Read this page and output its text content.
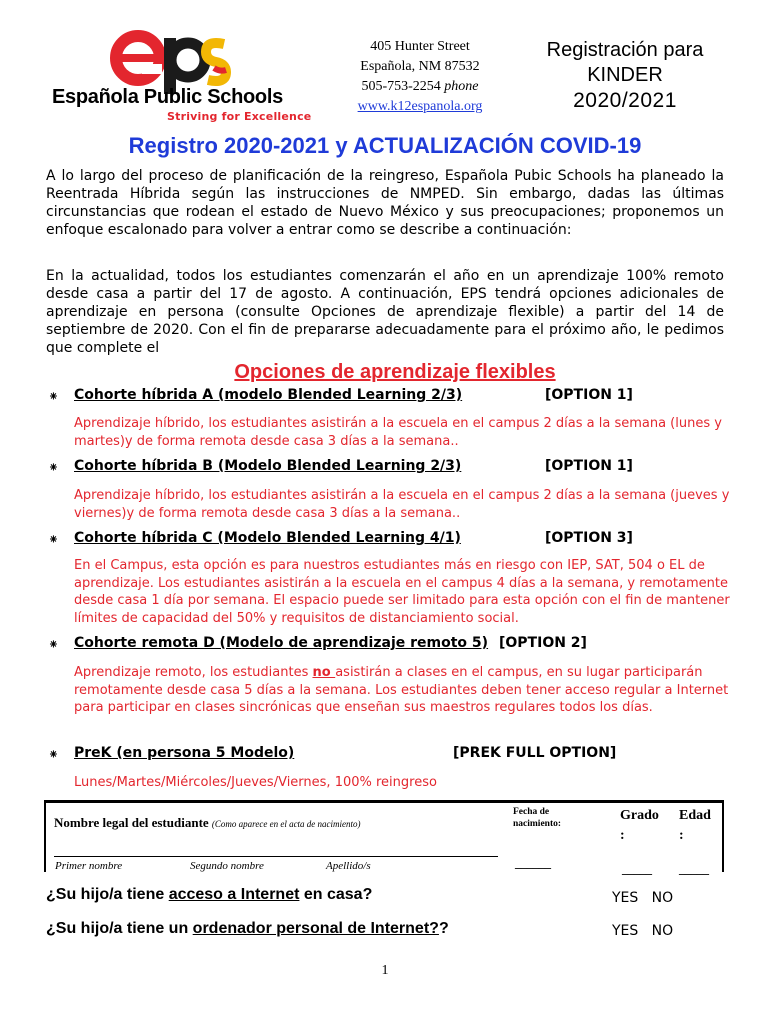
Española Public Schools
Striving for Excellence
405 Hunter Street
Española, NM 87532
505-753-2254 phone
www.k12espanola.org
Registración para
KINDER
2020/2021
Registro 2020-2021 y ACTUALIZACIÓN COVID-19
A lo largo del proceso de planificación de la reingreso, Española Pubic Schools ha planeado la Reentrada Híbrida según las instrucciones de NMPED. Sin embargo, dadas las últimas circunstancias que rodean el estado de Nuevo México y sus preocupaciones; proponemos un enfoque escalonado para volver a entrar como se describe a continuación:
En la actualidad, todos los estudiantes comenzarán el año en un aprendizaje 100% remoto desde casa a partir del 17 de agosto. A continuación, EPS tendrá opciones adicionales de aprendizaje en persona (consulte Opciones de aprendizaje flexible) a partir del 14 de septiembre de 2020. Con el fin de prepararse adecuadamente para el próximo año, le pedimos que complete el
Opciones de aprendizaje flexibles
⁕ Cohorte híbrida A (modelo Blended Learning 2/3)	[OPTION 1]
Aprendizaje híbrido, los estudiantes asistirán a la escuela en el campus 2 días a la semana (lunes y martes)y de forma remota desde casa 3 días a la semana..
⁕ Cohorte híbrida B (Modelo Blended Learning 2/3)	[OPTION 1]
Aprendizaje híbrido, los estudiantes asistirán a la escuela en el campus 2 días a la semana (jueves y viernes)y de forma remota desde casa 3 días a la semana..
⁕ Cohorte híbrida C (Modelo Blended Learning 4/1)	[OPTION 3]
En el Campus, esta opción es para nuestros estudiantes más en riesgo con IEP, SAT, 504 o EL de aprendizaje. Los estudiantes asistirán a la escuela en el campus 4 días a la semana, y remotamente desde casa 1 día por semana. El espacio puede ser limitado para esta opción con el fin de mantener límites de capacidad del 50% y requisitos de distanciamiento social.
⁕ Cohorte remota D (Modelo de aprendizaje remoto 5) [OPTION 2]
Aprendizaje remoto, los estudiantes no asistirán a clases en el campus, en su lugar participarán remotamente desde casa 5 días a la semana. Los estudiantes deben tener acceso regular a Internet para participar en clases sincrónicas que enseñan sus maestros regulares todos los días.
⁕ PreK (en persona 5 Modelo)	[PREK FULL OPTION]
Lunes/Martes/Miércoles/Jueves/Viernes, 100% reingreso
Nombre legal del estudiante (Como aparece en el acta de nacimiento)
Fecha de
nacimiento:
Grado
:
Edad
:
Primer nombre	Segundo nombre	Apellido/s	______	_____ _____
¿Su hijo/a tiene acceso a Internet en casa?	YES NO
¿Su hijo/a tiene un ordenador personal de Internet??	YES NO
1
